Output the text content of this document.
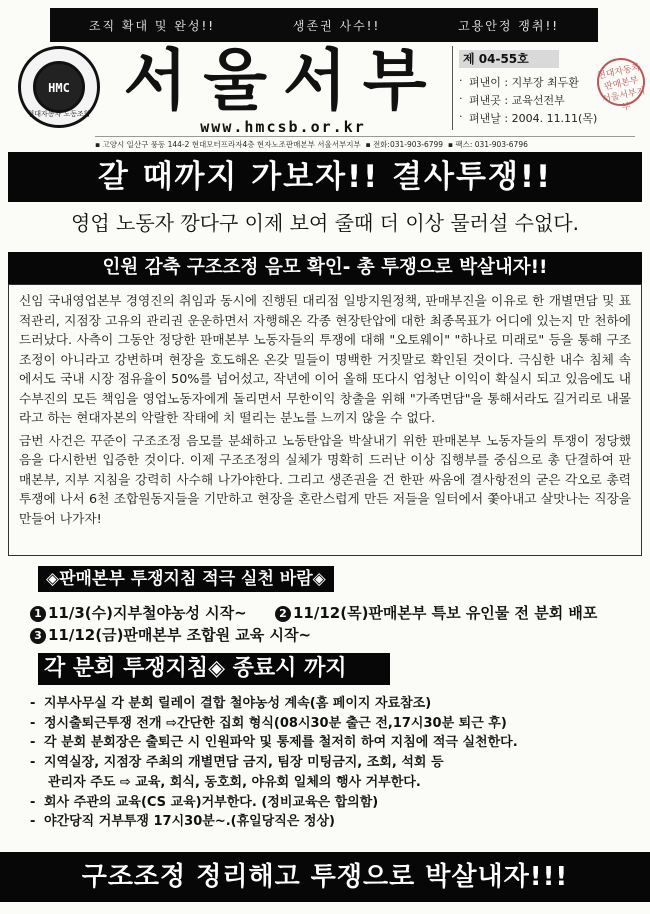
조직 확대 및 완성!!	생존권 사수!!	고용안정 쟁취!!
HMC
현대자동차 노동조합 서울서부
www.hmcsb.or.kr
제 04-55호
· 펴낸이 : 지부장 최두환
· 펴낸곳 : 교육선전부
· 펴낸날 : 2004. 11.11(목)
현대자동차판매본부 서울서부지부
▪ 고양시 일산구 풍동 144-2 현대모터프라자4층 현자노조판매본부 서울서부지부  ▪ 전화:031-903-6799  ▪ 팩스: 031-903-6796
갈 때까지 가보자!! 결사투쟁!!
영업 노동자 깡다구 이제 보여 줄때 더 이상 물러설 수없다.
인원 감축 구조조정 음모 확인- 총 투쟁으로 박살내자!!

신임 국내영업본부 경영진의 취임과 동시에 진행된 대리점 일방지원정책, 판매부진을 이유로 한 개별면담 및 표적관리, 지점장 고유의 관리권 운운하면서 자행해온 각종 현장탄압에 대한 최종목표가 어디에 있는지 만 천하에 드러났다. 사측이 그동안 정당한 판매본부 노동자들의 투쟁에 대해 "오토웨이" "하나로 미래로" 등을 통해 구조조정이 아니라고 강변하며 현장을 호도해온 온갖 밀들이 명백한 거짓말로 확인된 것이다. 극심한 내수 침체 속에서도 국내 시장 점유율이 50%를 넘어섰고, 작년에 이어 올해 또다시 엄청난 이익이 확실시 되고 있음에도 내수부진의 모든 책임을 영업노동자에게 돌리면서 무한이익 창출을 위해 "가족면담"을 통해서라도 길거리로 내몰라고 하는 현대자본의 악랄한 작태에 치 떨리는 분노를 느끼지 않을 수 없다.

금번 사건은 꾸준이 구조조정 음모를 분쇄하고 노동탄압을 박살내기 위한 판매본부 노동자들의 투쟁이 정당했음을 다시한번 입증한 것이다. 이제 구조조정의 실체가 명확히 드러난 이상 집행부를 중심으로 총 단결하여 판매본부, 지부 지침을 강력히 사수해 나가야한다. 그리고 생존권을 건 한판 싸움에 결사항전의 굳은 각오로 총력투쟁에 나서 6천 조합원동지들을 기만하고 현장을 혼란스럽게 만든 저들을 일터에서 쫓아내고 살맛나는 직장을 만들어 나가자!

◈판매본부 투쟁지침 적극 실천 바람◈
1 11/3(수)지부철야농성 시작~	2 11/12(목)판매본부 특보 유인물 전 분회 배포
3 11/12(금)판매본부 조합원 교육 시작~
각 분회 투쟁지침◈ 종료시 까지
- 지부사무실 각 분회 릴레이 결합 철야농성 계속(홈 페이지 자료참조)
- 정시출퇴근투쟁 전개 ⇨간단한 집회 형식(08시30분 출근 전,17시30분 퇴근 후)
- 각 분회 분회장은 출퇴근 시 인원파악 및 통제를 철저히 하여 지침에 적극 실천한다.
- 지역실장, 지점장 주최의 개별면담 금지, 팀장 미팅금지, 조회, 석회 등
관리자 주도 ⇨ 교육, 회식, 동호회, 야유회 일체의 행사 거부한다.
- 회사 주관의 교육(CS 교육)거부한다. (정비교육은 합의함)
- 야간당직 거부투쟁 17시30분~.(휴일당직은 정상)
구조조정 정리해고 투쟁으로 박살내자!!!
